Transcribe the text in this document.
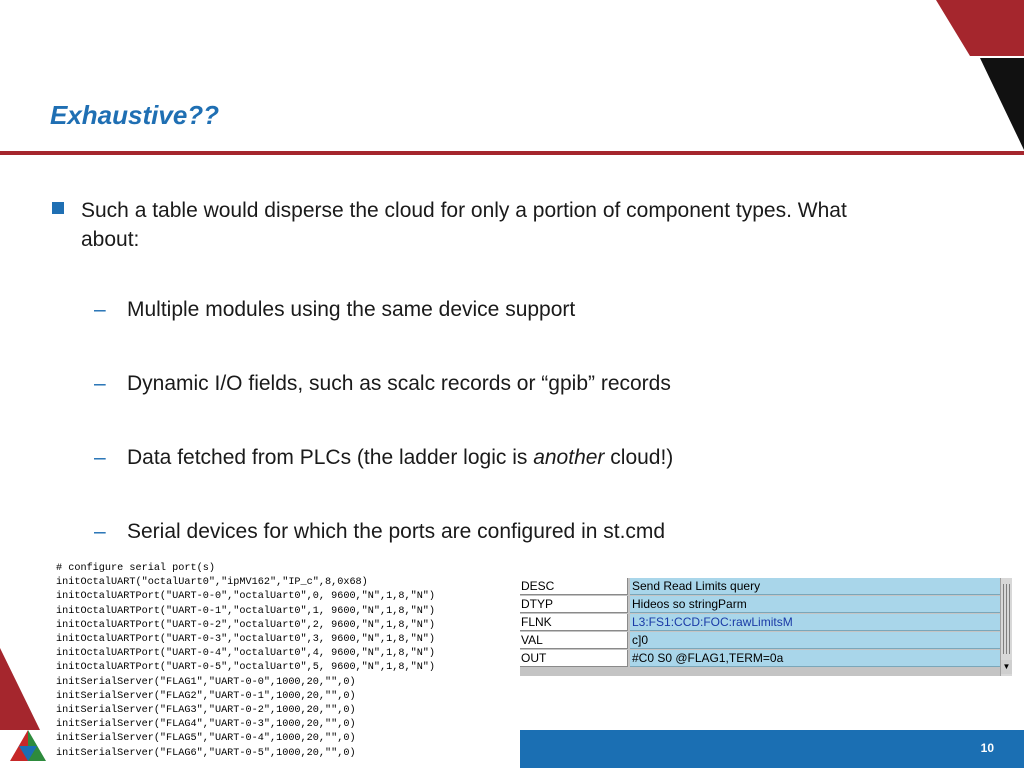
Exhaustive??
Such a table would disperse the cloud for only a portion of component types. What about:
– Multiple modules using the same device support
– Dynamic I/O fields, such as scalc records or “gpib” records
– Data fetched from PLCs (the ladder logic is another cloud!)
– Serial devices for which the ports are configured in st.cmd
# configure serial port(s)
initOctalUART("octalUart0","ipMV162","IP_c",8,0x68)
initOctalUARTPort("UART-0-0","octalUart0",0, 9600,"N",1,8,"N")
initOctalUARTPort("UART-0-1","octalUart0",1, 9600,"N",1,8,"N")
initOctalUARTPort("UART-0-2","octalUart0",2, 9600,"N",1,8,"N")
initOctalUARTPort("UART-0-3","octalUart0",3, 9600,"N",1,8,"N")
initOctalUARTPort("UART-0-4","octalUart0",4, 9600,"N",1,8,"N")
initOctalUARTPort("UART-0-5","octalUart0",5, 9600,"N",1,8,"N")
initSerialServer("FLAG1","UART-0-0",1000,20,"",0)
initSerialServer("FLAG2","UART-0-1",1000,20,"",0)
initSerialServer("FLAG3","UART-0-2",1000,20,"",0)
initSerialServer("FLAG4","UART-0-3",1000,20,"",0)
initSerialServer("FLAG5","UART-0-4",1000,20,"",0)
initSerialServer("FLAG6","UART-0-5",1000,20,"",0)
DESC	Send Read Limits query
DTYP	Hideos so stringParm
FLNK	L3:FS1:CCD:FOC:rawLimitsM
VAL	c]0
OUT	#C0 S0 @FLAG1,TERM=0a
▼
10
